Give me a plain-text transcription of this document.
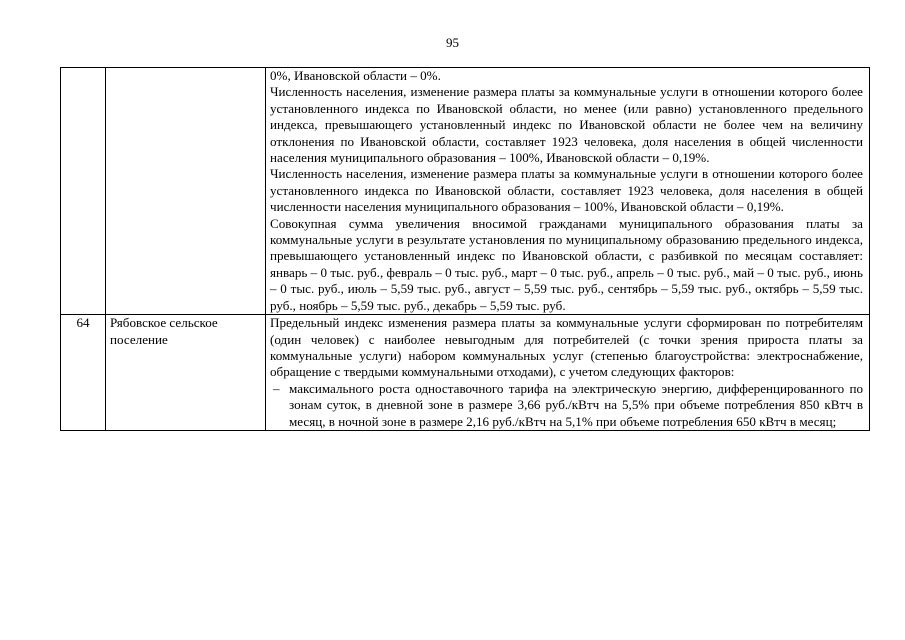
95

		0%, Ивановской области – 0%.
Численность населения, изменение размера платы за коммунальные услуги в отношении которого более установленного индекса по Ивановской области, но менее (или равно) установленного предельного индекса, превышающего установленный индекс по Ивановской области не более чем на величину отклонения по Ивановской области, составляет 1923 человека, доля населения в общей численности населения муниципального образования – 100%, Ивановской области – 0,19%.
Численность населения, изменение размера платы за коммунальные услуги в отношении которого более установленного индекса по Ивановской области, составляет 1923 человека, доля населения в общей численности населения муниципального образования – 100%, Ивановской области – 0,19%.
Совокупная сумма увеличения вносимой гражданами муниципального образования платы за коммунальные услуги в результате установления по муниципальному образованию предельного индекса, превышающего установленный индекс по Ивановской области, с разбивкой по месяцам составляет: январь – 0 тыс. руб., февраль – 0 тыс. руб., март – 0 тыс. руб., апрель – 0 тыс. руб., май – 0 тыс. руб., июнь – 0 тыс. руб., июль – 5,59 тыс. руб., август – 5,59 тыс. руб., сентябрь – 5,59 тыс. руб., октябрь – 5,59 тыс. руб., ноябрь – 5,59 тыс. руб., декабрь – 5,59 тыс. руб.

64	Рябовское сельское поселение	Предельный индекс изменения размера платы за коммунальные услуги сформирован по потребителям (один человек) с наиболее невыгодным для потребителей (с точки зрения прироста платы за коммунальные услуги) набором коммунальных услуг (степенью благоустройства: электроснабжение, обращение с твердыми коммунальными отходами), с учетом следующих факторов:
– максимального роста одноставочного тарифа на электрическую энергию, дифференцированного по зонам суток, в дневной зоне в размере 3,66 руб./кВтч на 5,5% при объеме потребления 850 кВтч в месяц, в ночной зоне в размере 2,16 руб./кВтч на 5,1% при объеме потребления 650 кВтч в месяц;
